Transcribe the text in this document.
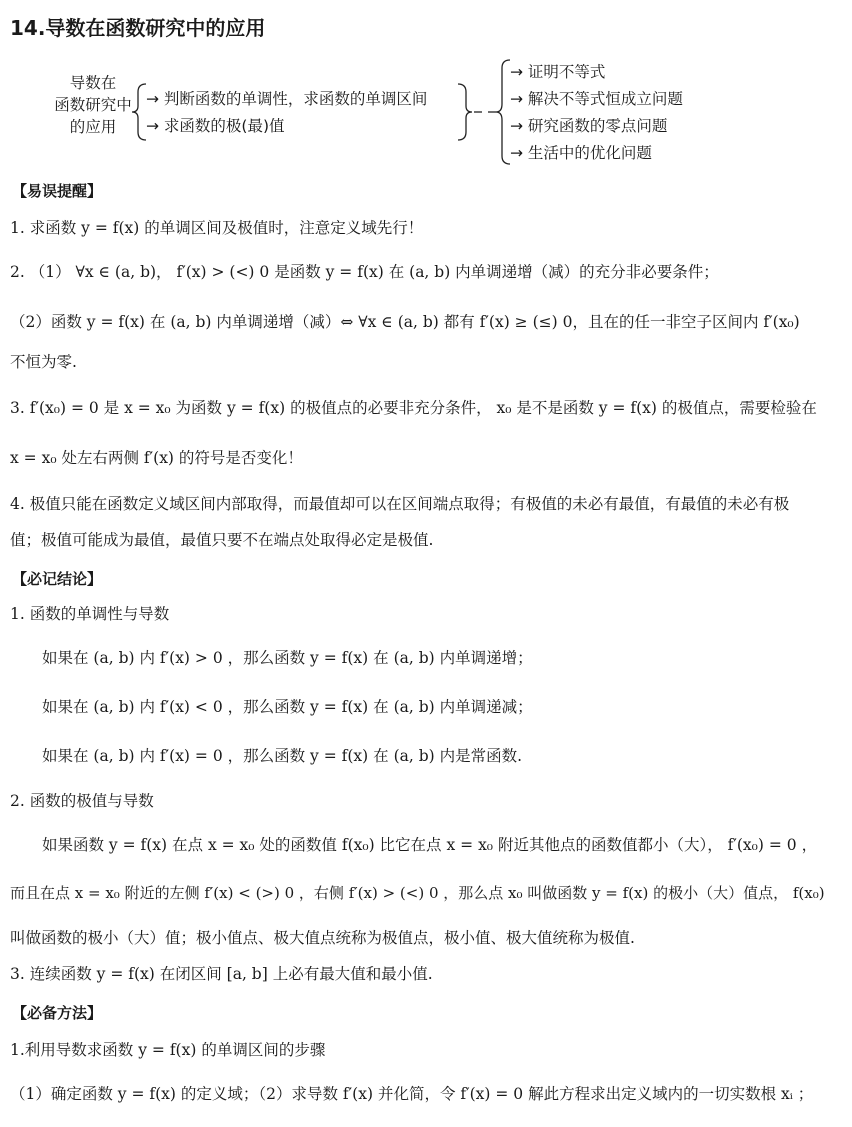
14.导数在函数研究中的应用
导数在
函数研究中
的应用
→ 判断函数的单调性，求函数的单调区间
→ 求函数的极(最)值
→ 证明不等式
→ 解决不等式恒成立问题
→ 研究函数的零点问题
→ 生活中的优化问题
【易误提醒】
1. 求函数 y = f(x) 的单调区间及极值时，注意定义域先行！
2. （1） ∀x ∈ (a, b)， f′(x) > (<) 0 是函数 y = f(x) 在 (a, b) 内单调递增（减）的充分非必要条件；
（2）函数 y = f(x) 在 (a, b) 内单调递增（减）⇔ ∀x ∈ (a, b) 都有 f′(x) ≥ (≤) 0，且在的任一非空子区间内 f′(x₀)
不恒为零.
3. f′(x₀) = 0 是 x = x₀ 为函数 y = f(x) 的极值点的必要非充分条件， x₀ 是不是函数 y = f(x) 的极值点，需要检验在
x = x₀ 处左右两侧 f′(x) 的符号是否变化！
4. 极值只能在函数定义域区间内部取得，而最值却可以在区间端点取得；有极值的未必有最值，有最值的未必有极
值；极值可能成为最值，最值只要不在端点处取得必定是极值.
【必记结论】
1. 函数的单调性与导数
如果在 (a, b) 内 f′(x) > 0 ，那么函数 y = f(x) 在 (a, b) 内单调递增；
如果在 (a, b) 内 f′(x) < 0 ，那么函数 y = f(x) 在 (a, b) 内单调递减；
如果在 (a, b) 内 f′(x) = 0 ，那么函数 y = f(x) 在 (a, b) 内是常函数.
2. 函数的极值与导数
如果函数 y = f(x) 在点 x = x₀ 处的函数值 f(x₀) 比它在点 x = x₀ 附近其他点的函数值都小（大）， f′(x₀) = 0 ，
而且在点 x = x₀ 附近的左侧 f′(x) < (>) 0 ，右侧 f′(x) > (<) 0 ，那么点 x₀ 叫做函数 y = f(x) 的极小（大）值点， f(x₀)
叫做函数的极小（大）值；极小值点、极大值点统称为极值点，极小值、极大值统称为极值.
3. 连续函数 y = f(x) 在闭区间 [a, b] 上必有最大值和最小值.
【必备方法】
1.利用导数求函数 y = f(x) 的单调区间的步骤
（1）确定函数 y = f(x) 的定义域；（2）求导数 f′(x) 并化简，令 f′(x) = 0 解此方程求出定义域内的一切实数根 xᵢ ；
